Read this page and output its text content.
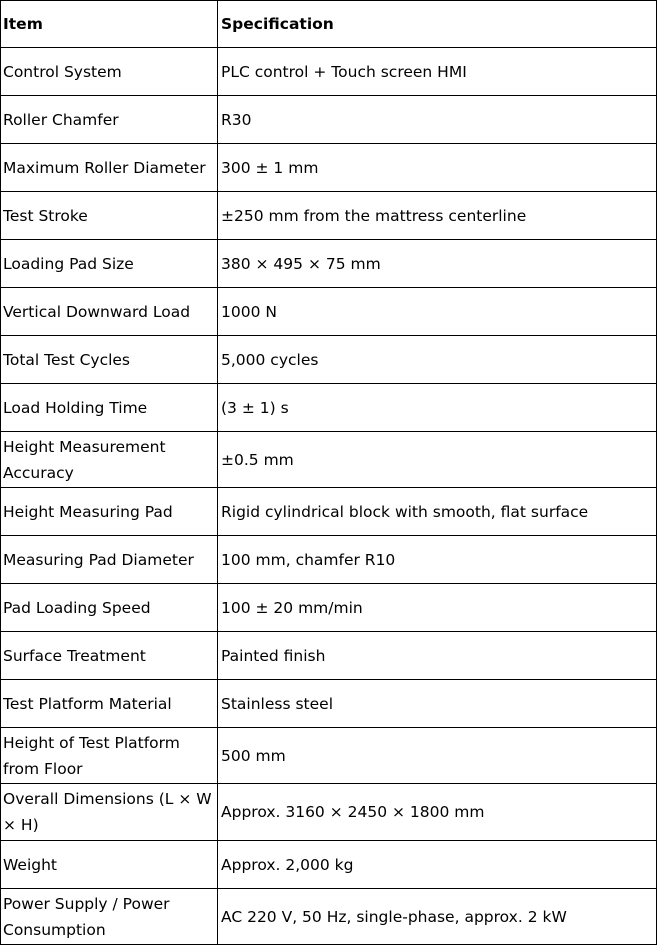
Item	Specification
Control System	PLC control + Touch screen HMI
Roller Chamfer	R30
Maximum Roller Diameter	300 ± 1 mm
Test Stroke	±250 mm from the mattress centerline
Loading Pad Size	380 × 495 × 75 mm
Vertical Downward Load	1000 N
Total Test Cycles	5,000 cycles
Load Holding Time	(3 ± 1) s
Height Measurement Accuracy	±0.5 mm
Height Measuring Pad	Rigid cylindrical block with smooth, flat surface
Measuring Pad Diameter	100 mm, chamfer R10
Pad Loading Speed	100 ± 20 mm/min
Surface Treatment	Painted finish
Test Platform Material	Stainless steel
Height of Test Platform from Floor	500 mm
Overall Dimensions (L × W × H)	Approx. 3160 × 2450 × 1800 mm
Weight	Approx. 2,000 kg
Power Supply / Power Consumption	AC 220 V, 50 Hz, single-phase, approx. 2 kW
